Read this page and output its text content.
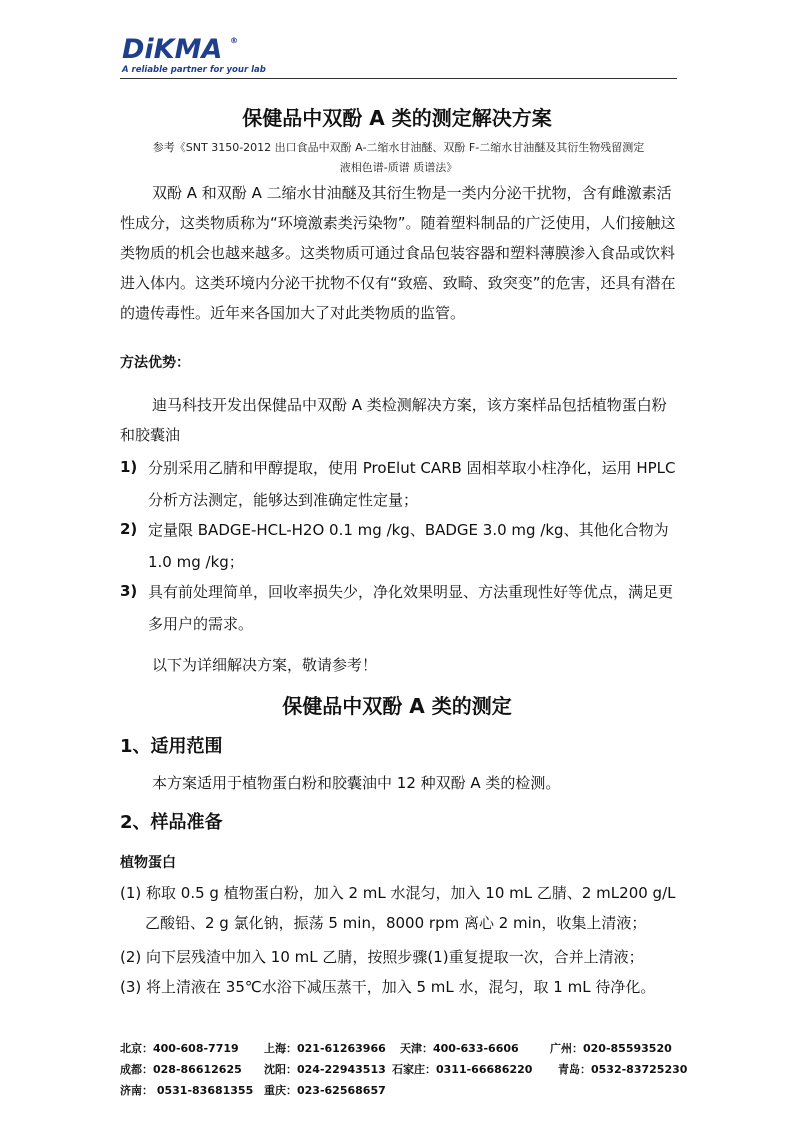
DiKMA ®
A reliable partner for your lab
保健品中双酚 A 类的测定解决方案
参考《SNT 3150-2012 出口食品中双酚 A-二缩水甘油醚、双酚 F-二缩水甘油醚及其衍生物残留测定
液相色谱-质谱 质谱法》
双酚 A 和双酚 A 二缩水甘油醚及其衍生物是一类内分泌干扰物，含有雌激素活性成分，这类物质称为“环境激素类污染物”。随着塑料制品的广泛使用，人们接触这类物质的机会也越来越多。这类物质可通过食品包装容器和塑料薄膜渗入食品或饮料进入体内。这类环境内分泌干扰物不仅有“致癌、致畸、致突变”的危害，还具有潜在的遗传毒性。近年来各国加大了对此类物质的监管。
方法优势：
迪马科技开发出保健品中双酚 A 类检测解决方案，该方案样品包括植物蛋白粉和胶囊油
1) 分别采用乙腈和甲醇提取，使用 ProElut CARB 固相萃取小柱净化，运用 HPLC 分析方法测定，能够达到准确定性定量；
2) 定量限 BADGE-HCL-H2O 0.1 mg /kg、BADGE 3.0 mg /kg、其他化合物为 1.0 mg /kg；
3) 具有前处理简单，回收率损失少，净化效果明显、方法重现性好等优点，满足更多用户的需求。
以下为详细解决方案，敬请参考！
保健品中双酚 A 类的测定
1、适用范围
本方案适用于植物蛋白粉和胶囊油中 12 种双酚 A 类的检测。
2、样品准备
植物蛋白
(1) 称取 0.5 g 植物蛋白粉，加入 2 mL 水混匀，加入 10 mL 乙腈、2 mL200 g/L 乙酸铅、2 g 氯化钠，振荡 5 min，8000 rpm 离心 2 min，收集上清液；
(2) 向下层残渣中加入 10 mL 乙腈，按照步骤(1)重复提取一次，合并上清液；
(3) 将上清液在 35℃水浴下减压蒸干，加入 5 mL 水，混匀，取 1 mL 待净化。
北京：400-608-7719 上海：021-61263966 天津：400-633-6606	广州：020-85593520
成都：028-86612625 沈阳：024-22943513 石家庄：0311-66686220 青岛：0532-83725230
济南： 0531-83681355 重庆：023-62568657
